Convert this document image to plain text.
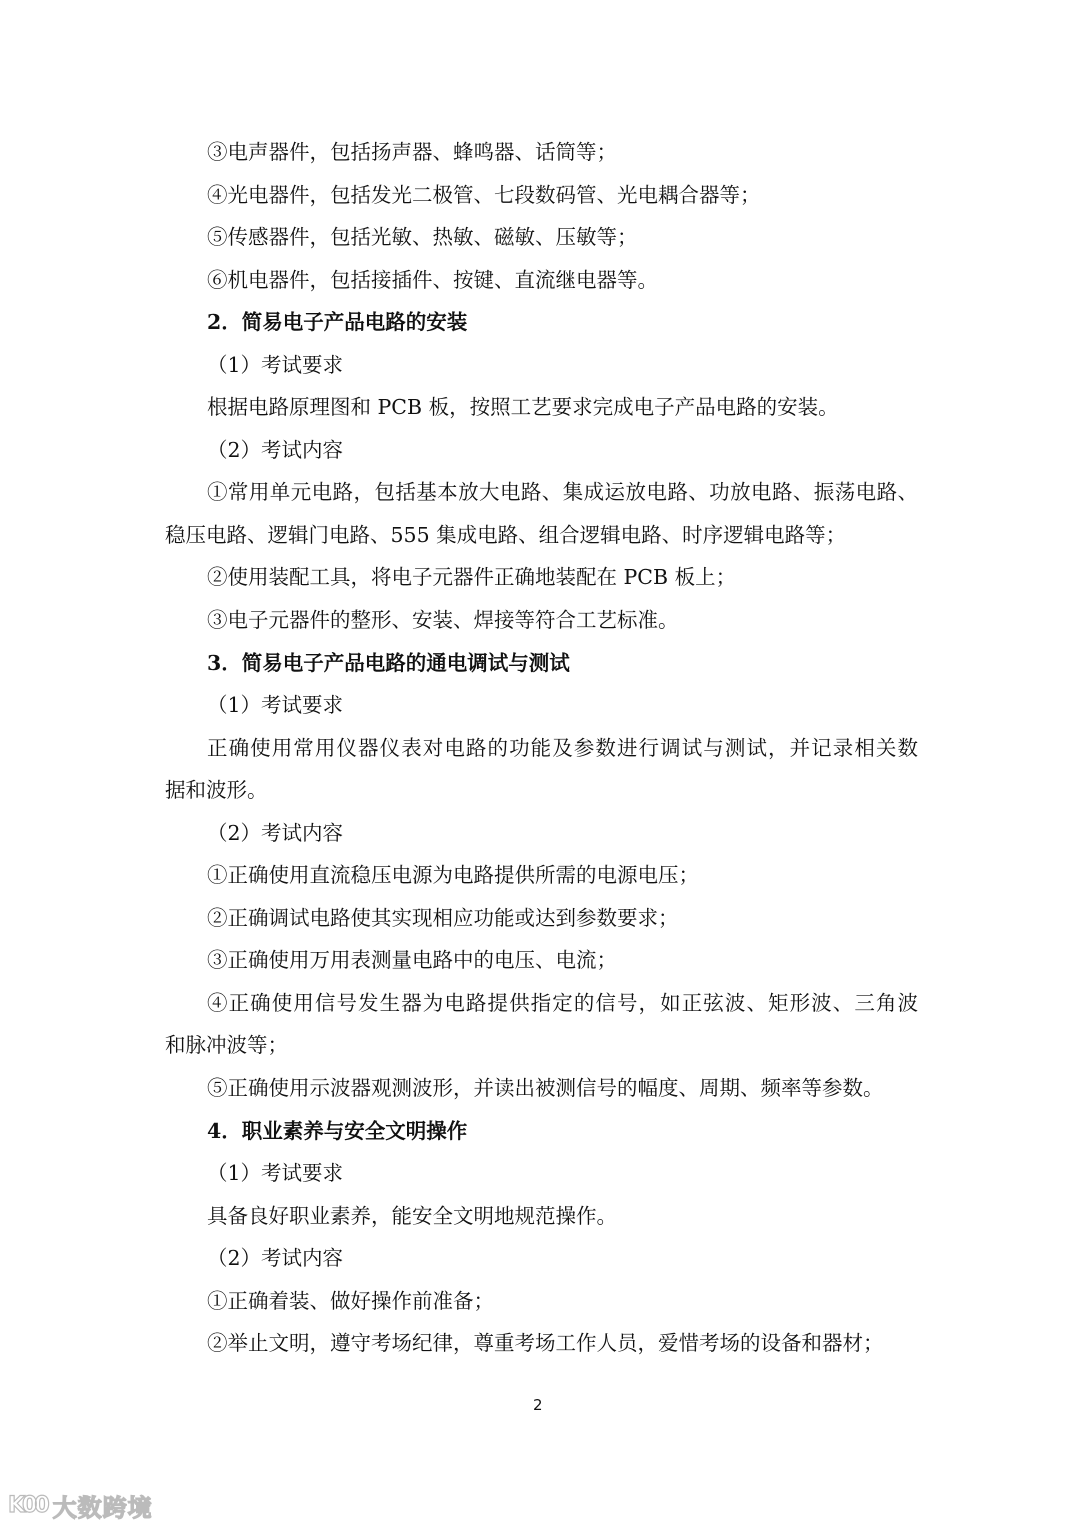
③电声器件，包括扬声器、蜂鸣器、话筒等；
④光电器件，包括发光二极管、七段数码管、光电耦合器等；
⑤传感器件，包括光敏、热敏、磁敏、压敏等；
⑥机电器件，包括接插件、按键、直流继电器等。
2．简易电子产品电路的安装
（1）考试要求
根据电路原理图和 PCB 板，按照工艺要求完成电子产品电路的安装。
（2）考试内容
①常用单元电路，包括基本放大电路、集成运放电路、功放电路、振荡电路、
稳压电路、逻辑门电路、555 集成电路、组合逻辑电路、时序逻辑电路等；
②使用装配工具，将电子元器件正确地装配在 PCB 板上；
③电子元器件的整形、安装、焊接等符合工艺标准。
3．简易电子产品电路的通电调试与测试
（1）考试要求
正确使用常用仪器仪表对电路的功能及参数进行调试与测试，并记录相关数
据和波形。
（2）考试内容
①正确使用直流稳压电源为电路提供所需的电源电压；
②正确调试电路使其实现相应功能或达到参数要求；
③正确使用万用表测量电路中的电压、电流；
④正确使用信号发生器为电路提供指定的信号，如正弦波、矩形波、三角波
和脉冲波等；
⑤正确使用示波器观测波形，并读出被测信号的幅度、周期、频率等参数。
4．职业素养与安全文明操作
（1）考试要求
具备良好职业素养，能安全文明地规范操作。
（2）考试内容
①正确着装、做好操作前准备；
②举止文明，遵守考场纪律，尊重考场工作人员，爱惜考场的设备和器材；
2
K00 大数跨境
